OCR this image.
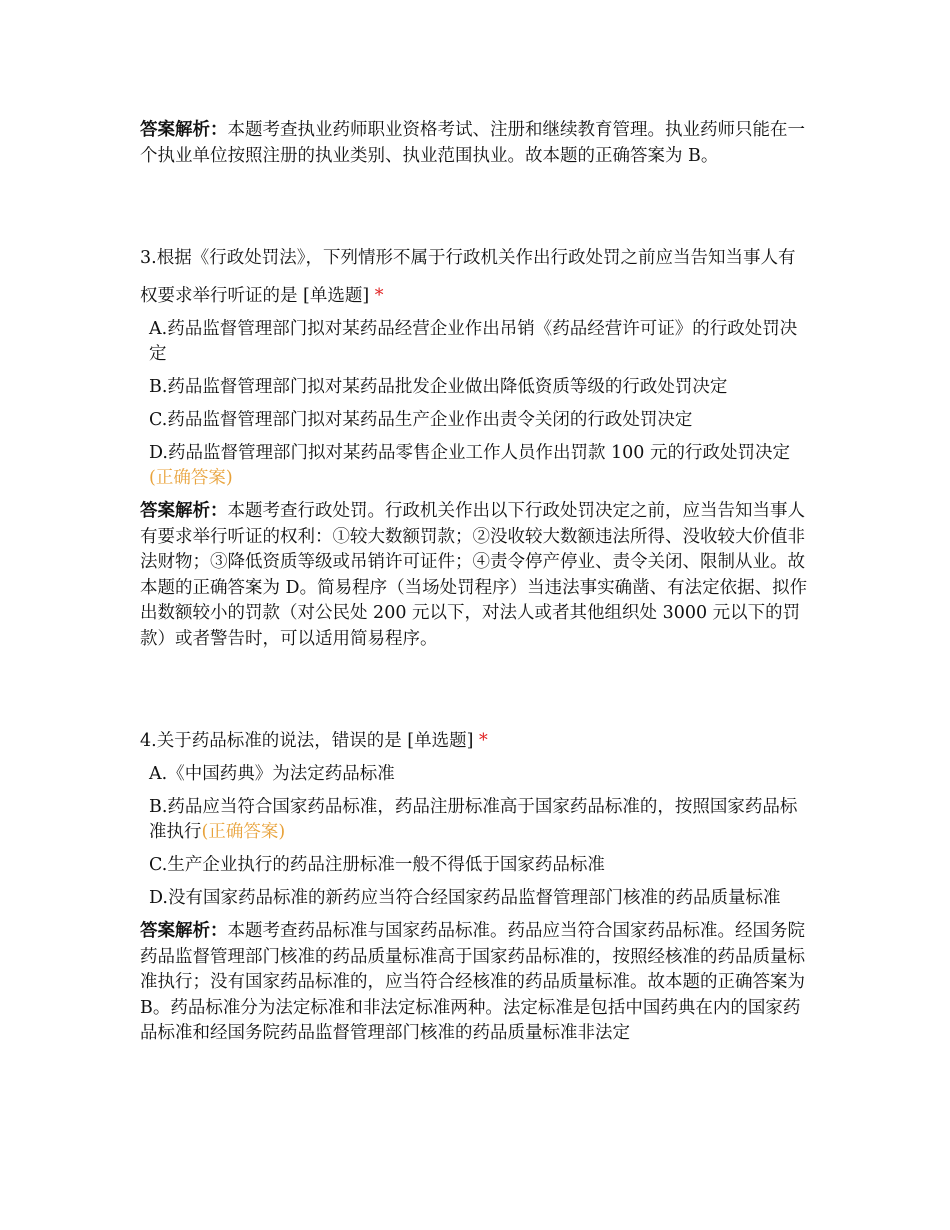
答案解析：本题考查执业药师职业资格考试、注册和继续教育管理。执业药师只能在一个执业单位按照注册的执业类别、执业范围执业。故本题的正确答案为 B。

3.根据《行政处罚法》，下列情形不属于行政机关作出行政处罚之前应当告知当事人有权要求举行听证的是 [单选题] *

A.药品监督管理部门拟对某药品经营企业作出吊销《药品经营许可证》的行政处罚决定

B.药品监督管理部门拟对某药品批发企业做出降低资质等级的行政处罚决定

C.药品监督管理部门拟对某药品生产企业作出责令关闭的行政处罚决定

D.药品监督管理部门拟对某药品零售企业工作人员作出罚款 100 元的行政处罚决定(正确答案)

答案解析：本题考查行政处罚。行政机关作出以下行政处罚决定之前，应当告知当事人有要求举行听证的权利：①较大数额罚款；②没收较大数额违法所得、没收较大价值非法财物；③降低资质等级或吊销许可证件；④责令停产停业、责令关闭、限制从业。故本题的正确答案为 D。简易程序（当场处罚程序）当违法事实确凿、有法定依据、拟作出数额较小的罚款（对公民处 200 元以下，对法人或者其他组织处 3000 元以下的罚款）或者警告时，可以适用简易程序。

4.关于药品标准的说法，错误的是 [单选题] *

A.《中国药典》为法定药品标准

B.药品应当符合国家药品标准，药品注册标准高于国家药品标准的，按照国家药品标准执行(正确答案)

C.生产企业执行的药品注册标准一般不得低于国家药品标准

D.没有国家药品标准的新药应当符合经国家药品监督管理部门核准的药品质量标准

答案解析：本题考查药品标准与国家药品标准。药品应当符合国家药品标准。经国务院药品监督管理部门核准的药品质量标准高于国家药品标准的，按照经核准的药品质量标准执行；没有国家药品标准的，应当符合经核准的药品质量标准。故本题的正确答案为 B。药品标准分为法定标准和非法定标准两种。法定标准是包括中国药典在内的国家药品标准和经国务院药品监督管理部门核准的药品质量标准非法定
